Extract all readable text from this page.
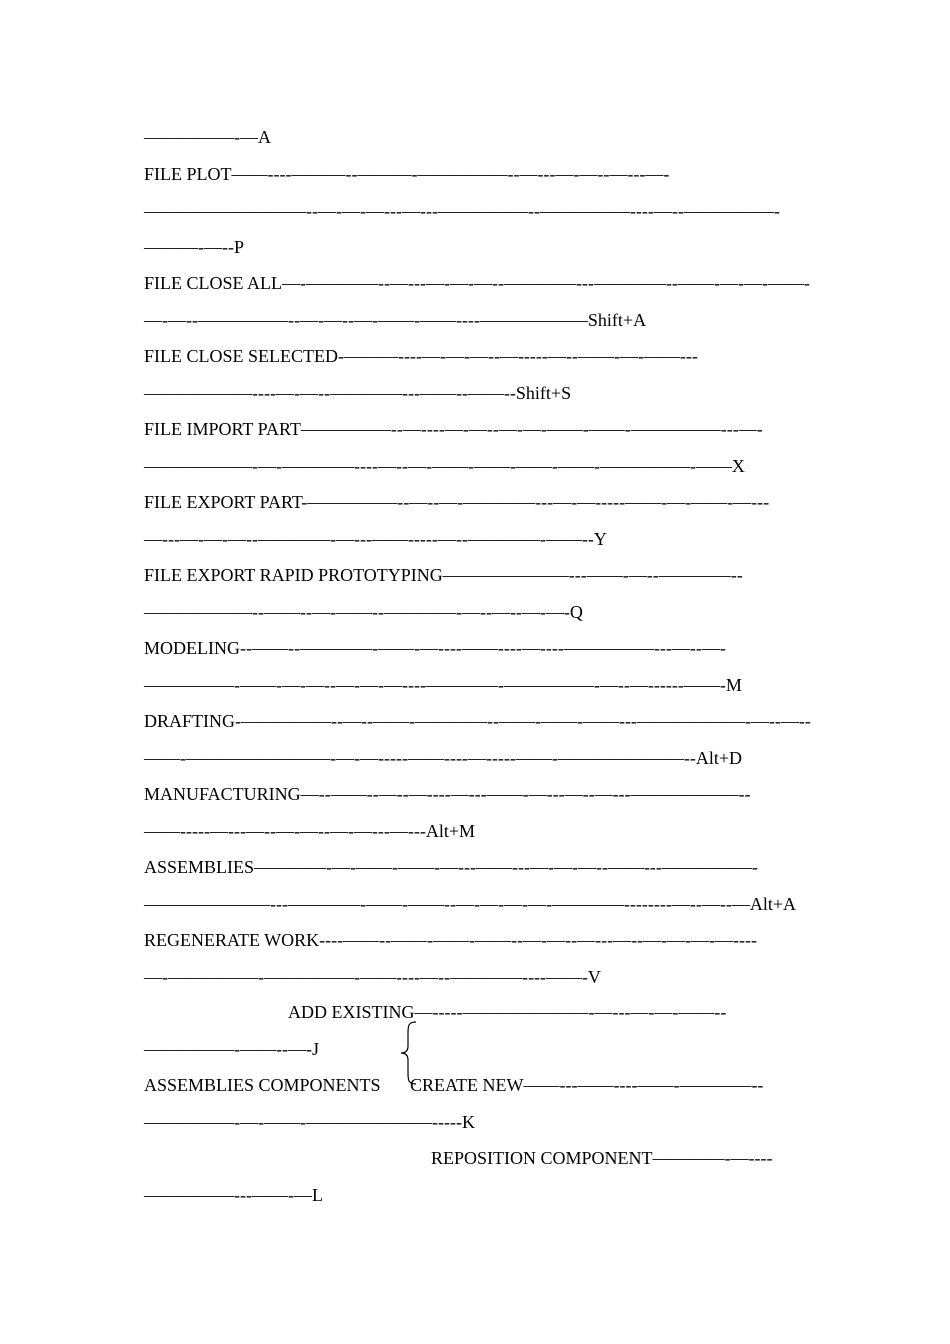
—————-—A

FILE PLOT——----———--———-—————--—---—-—--—---—-

—————————--—-—-—---—---—————--—————----—--—————-

———-—--P

FILE CLOSE ALL—-————--—---—-—-—--————---————--——-—-—-——-

—-—--—————--—-—--—-——-——----——————Shift+A

FILE CLOSE SELECTED-———----—-—-—--—-----—--——-—-——---

——————----—-—--————---——--——--Shift+S

FILE IMPORT PART—————--—----—-—--—-—-——-——-—————---—-

——————-—-————----—--—-——-——-——-——-—————-——X

FILE EXPORT PART-—————--—--—-————---—-—-----——-—-——-—---

—---—-—-—--————-—---——-----—--————-——--Y

FILE EXPORT RAPID PROTOTYPING———————---——-—--————--

——————--——--—-——--————-—--—--—-—-Q

MODELING--——--————-——-—----——----—----—————---—--—-

—————-——-—-—--—-—-—----————-—————-—--—------——-M

DRAFTING-—————--—--——-————--——-——-——---——————-—--—--

——-————————-—-—-----——----—-----——-———————--Alt+D

MANUFACTURING—--——--—--—----—---——-—---—--—---——————--

——-----—---—--—-—--—-—---—---Alt+M

ASSEMBLIES————-—-——-——-—---——---—-—-—--——---—————-

———————---————-——-——--—-—-—-—-————--------—--—--—Alt+A

REGENERATE WORK----——--——-——-——--—-—--—---—--—-—-—-—----

—-—————-—————-——----—--————----——-V

ADD EXISTING—-----———————-—---—-—-——--

—————-——--—-J

ASSEMBLIES COMPONENTS CREATE NEW——---——----——-————--

—————-—-——-———————-----K

REPOSITION COMPONENT————-—----

—————---——-—L
